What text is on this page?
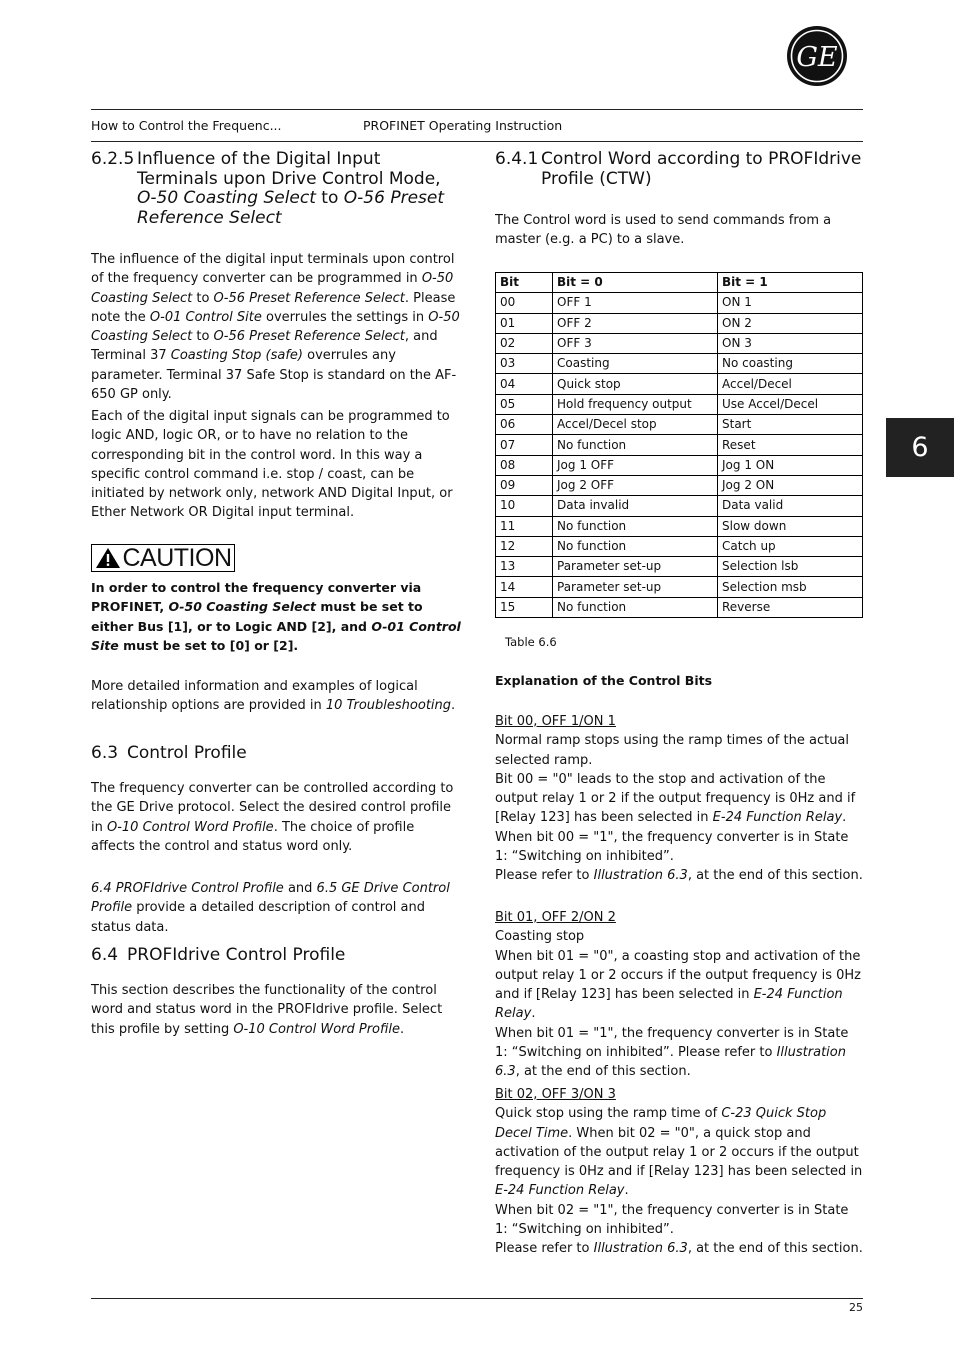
GE
How to Control the Frequenc...	PROFINET Operating Instruction
6
6.2.5 Influence of the Digital Input Terminals upon Drive Control Mode, O-50 Coasting Select to O-56 Preset Reference Select

The influence of the digital input terminals upon control of the frequency converter can be programmed in O-50 Coasting Select to O-56 Preset Reference Select. Please note the O-01 Control Site overrules the settings in O-50 Coasting Select to O-56 Preset Reference Select, and Terminal 37 Coasting Stop (safe) overrules any parameter. Terminal 37 Safe Stop is standard on the AF-650 GP only.

Each of the digital input signals can be programmed to logic AND, logic OR, or to have no relation to the corresponding bit in the control word. In this way a specific control command i.e. stop / coast, can be initiated by network only, network AND Digital Input, or Ether Network OR Digital input terminal.

CAUTION

In order to control the frequency converter via PROFINET, O-50 Coasting Select must be set to either Bus [1], or to Logic AND [2], and O-01 Control Site must be set to [0] or [2].

More detailed information and examples of logical relationship options are provided in 10 Troubleshooting.

6.3 Control Profile

The frequency converter can be controlled according to the GE Drive protocol. Select the desired control profile in O-10 Control Word Profile. The choice of profile affects the control and status word only.

6.4 PROFIdrive Control Profile and 6.5 GE Drive Control Profile provide a detailed description of control and status data.

6.4 PROFIdrive Control Profile

This section describes the functionality of the control word and status word in the PROFIdrive profile. Select this profile by setting O-10 Control Word Profile.

6.4.1 Control Word according to PROFIdrive Profile (CTW)

The Control word is used to send commands from a master (e.g. a PC) to a slave.

Bit	Bit = 0	Bit = 1
00	OFF 1	ON 1
01	OFF 2	ON 2
02	OFF 3	ON 3
03	Coasting	No coasting
04	Quick stop	Accel/Decel
05	Hold frequency output	Use Accel/Decel
06	Accel/Decel stop	Start
07	No function	Reset
08	Jog 1 OFF	Jog 1 ON
09	Jog 2 OFF	Jog 2 ON
10	Data invalid	Data valid
11	No function	Slow down
12	No function	Catch up
13	Parameter set-up	Selection lsb
14	Parameter set-up	Selection msb
15	No function	Reverse
Table 6.6

Explanation of the Control Bits

Bit 00, OFF 1/ON 1

Normal ramp stops using the ramp times of the actual selected ramp.
Bit 00 = "0" leads to the stop and activation of the output relay 1 or 2 if the output frequency is 0Hz and if [Relay 123] has been selected in E-24 Function Relay.
When bit 00 = "1", the frequency converter is in State 1: “Switching on inhibited”.
Please refer to Illustration 6.3, at the end of this section.

Bit 01, OFF 2/ON 2

Coasting stop
When bit 01 = "0", a coasting stop and activation of the output relay 1 or 2 occurs if the output frequency is 0Hz and if [Relay 123] has been selected in E-24 Function Relay.
When bit 01 = "1", the frequency converter is in State 1: “Switching on inhibited”. Please refer to Illustration 6.3, at the end of this section.

Bit 02, OFF 3/ON 3

Quick stop using the ramp time of C-23 Quick Stop Decel Time. When bit 02 = "0", a quick stop and activation of the output relay 1 or 2 occurs if the output frequency is 0Hz and if [Relay 123] has been selected in E-24 Function Relay.
When bit 02 = "1", the frequency converter is in State 1: “Switching on inhibited”.
Please refer to Illustration 6.3, at the end of this section.

25
